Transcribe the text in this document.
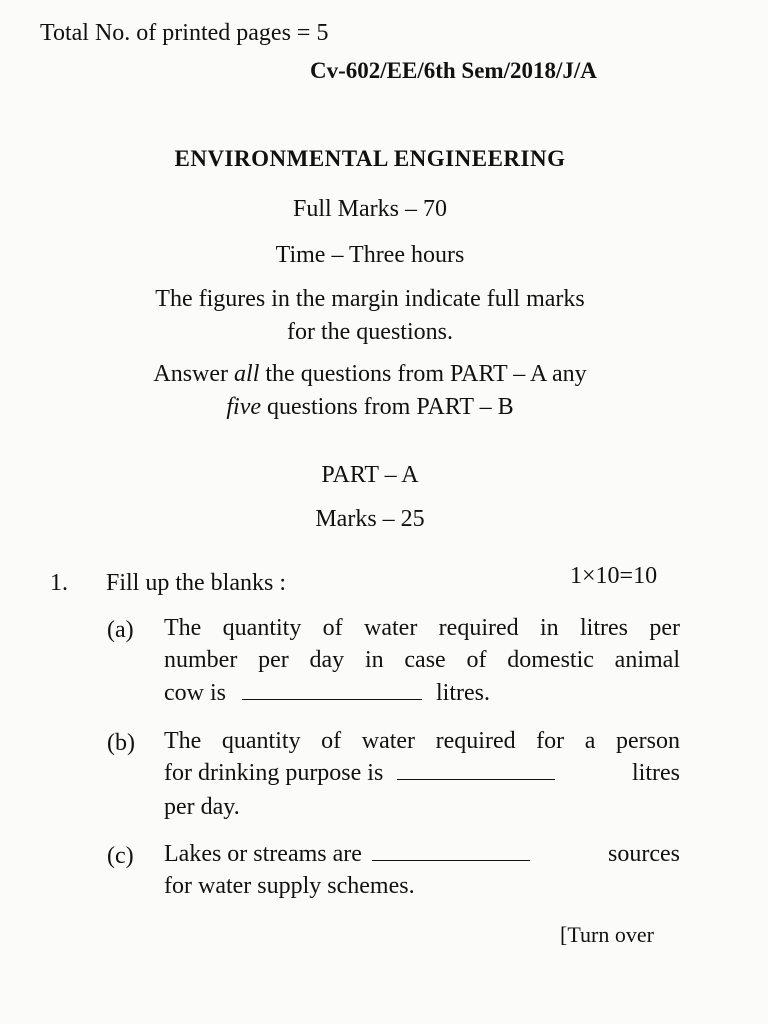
Total No. of printed pages = 5
Cv-602/EE/6th Sem/2018/J/A
ENVIRONMENTAL ENGINEERING
Full Marks – 70
Time – Three hours
The figures in the margin indicate full marks
for the questions.
Answer all the questions from PART – A any
five questions from PART – B
PART – A
Marks – 25
1. Fill up the blanks :	1×10=10
(a) The quantity of water required in litres per
number per day in case of domestic animal
cow is	litres.
(b) The quantity of water required for a person
for drinking purpose is	litres
per day.
(c) Lakes or streams are	sources
for water supply schemes.
[Turn over
